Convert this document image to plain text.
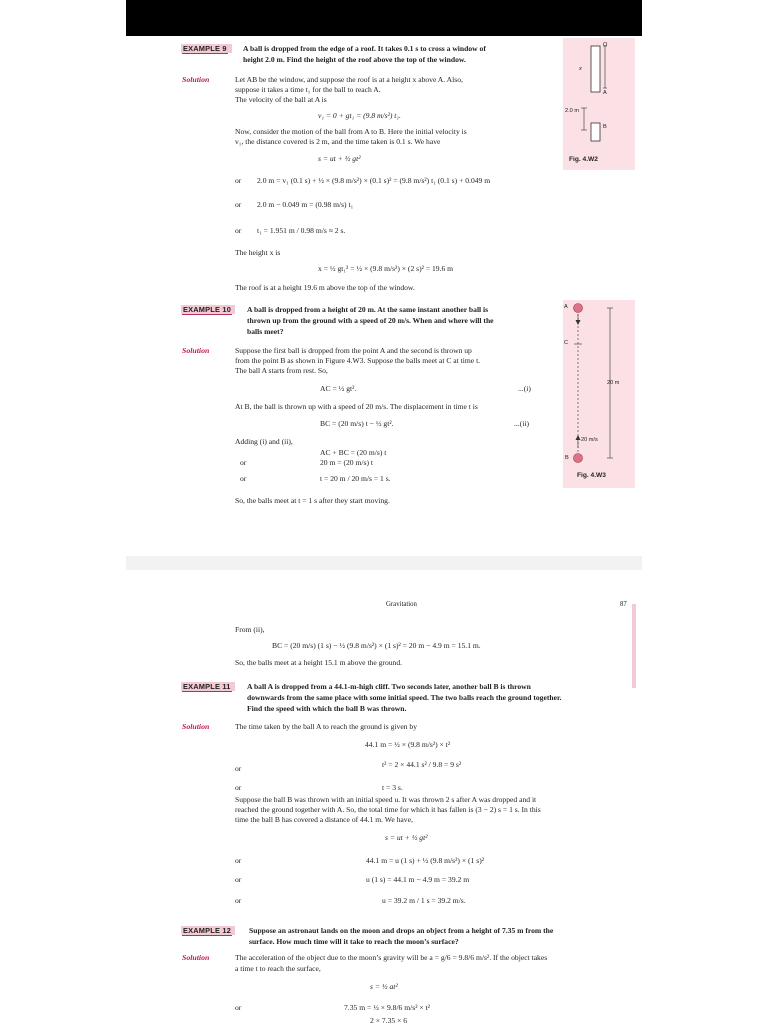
EXAMPLE 9 A ball is dropped from the edge of a roof. It takes 0.1 s to cross a window of
height 2.0 m. Find the height of the roof above the top of the window.
Solution	Let AB be the window, and suppose the roof is at a height x above A. Also,
suppose it takes a time t₁ for the ball to reach A.
The velocity of the ball at A is
v₁ = 0 + gt₁ = (9.8 m/s²) t₁.
Now, consider the motion of the ball from A to B. Here the initial velocity is
v₁, the distance covered is 2 m, and the time taken is 0.1 s. We have
s = ut + ½ gt²
or 2.0 m = v₁ (0.1 s) + ½ × (9.8 m/s²) × (0.1 s)² = (9.8 m/s²) t₁ (0.1 s) + 0.049 m
or 2.0 m − 0.049 m = (0.98 m/s) t₁
or t₁ = 1.951 m / 0.98 m/s ≈ 2 s.
The height x is
x = ½ gt₁² = ½ × (9.8 m/s²) × (2 s)² = 19.6 m
The roof is at a height 19.6 m above the top of the window.
O
x
A
2.0 m
B
Fig. 4.W2
EXAMPLE 10 A ball is dropped from a height of 20 m. At the same instant another ball is
thrown up from the ground with a speed of 20 m/s. When and where will the
balls meet?
Solution	Suppose the first ball is dropped from the point A and the second is thrown up
from the point B as shown in Figure 4.W3. Suppose the balls meet at C at time t.
The ball A starts from rest. So,
AC = ½ gt².	...(i)
At B, the ball is thrown up with a speed of 20 m/s. The displacement in time t is
BC = (20 m/s) t − ½ gt².	...(ii)
Adding (i) and (ii),
AC + BC = (20 m/s) t
or	20 m = (20 m/s) t
or	t = 20 m / 20 m/s = 1 s.
So, the balls meet at t = 1 s after they start moving.
A
C
20 m
20 m/s
B
Fig. 4.W3
Gravitation	87
From (ii),
BC = (20 m/s) (1 s) − ½ (9.8 m/s²) × (1 s)² = 20 m − 4.9 m = 15.1 m.
So, the balls meet at a height 15.1 m above the ground.
EXAMPLE 11 A ball A is dropped from a 44.1-m-high cliff. Two seconds later, another ball B is thrown
downwards from the same place with some initial speed. The two balls reach the ground together.
Find the speed with which the ball B was thrown.
Solution	The time taken by the ball A to reach the ground is given by
44.1 m = ½ × (9.8 m/s²) × t²
or	t² = 2 × 44.1 s² / 9.8 = 9 s²
or	t = 3 s.
Suppose the ball B was thrown with an initial speed u. It was thrown 2 s after A was dropped and it
reached the ground together with A. So, the total time for which it has fallen is (3 − 2) s = 1 s. In this
time the ball B has covered a distance of 44.1 m. We have,
s = ut + ½ gt²
or	44.1 m = u (1 s) + ½ (9.8 m/s²) × (1 s)²
or	u (1 s) = 44.1 m − 4.9 m = 39.2 m
or	u = 39.2 m / 1 s = 39.2 m/s.
EXAMPLE 12 Suppose an astronaut lands on the moon and drops an object from a height of 7.35 m from the
surface. How much time will it take to reach the moon’s surface?
Solution	The acceleration of the object due to the moon’s gravity will be a = g/6 = 9.8/6 m/s². If the object takes
a time t to reach the surface,
s = ½ at²
or	7.35 m = ½ × 9.8/6 m/s² × t²
2 × 7.35 × 6
